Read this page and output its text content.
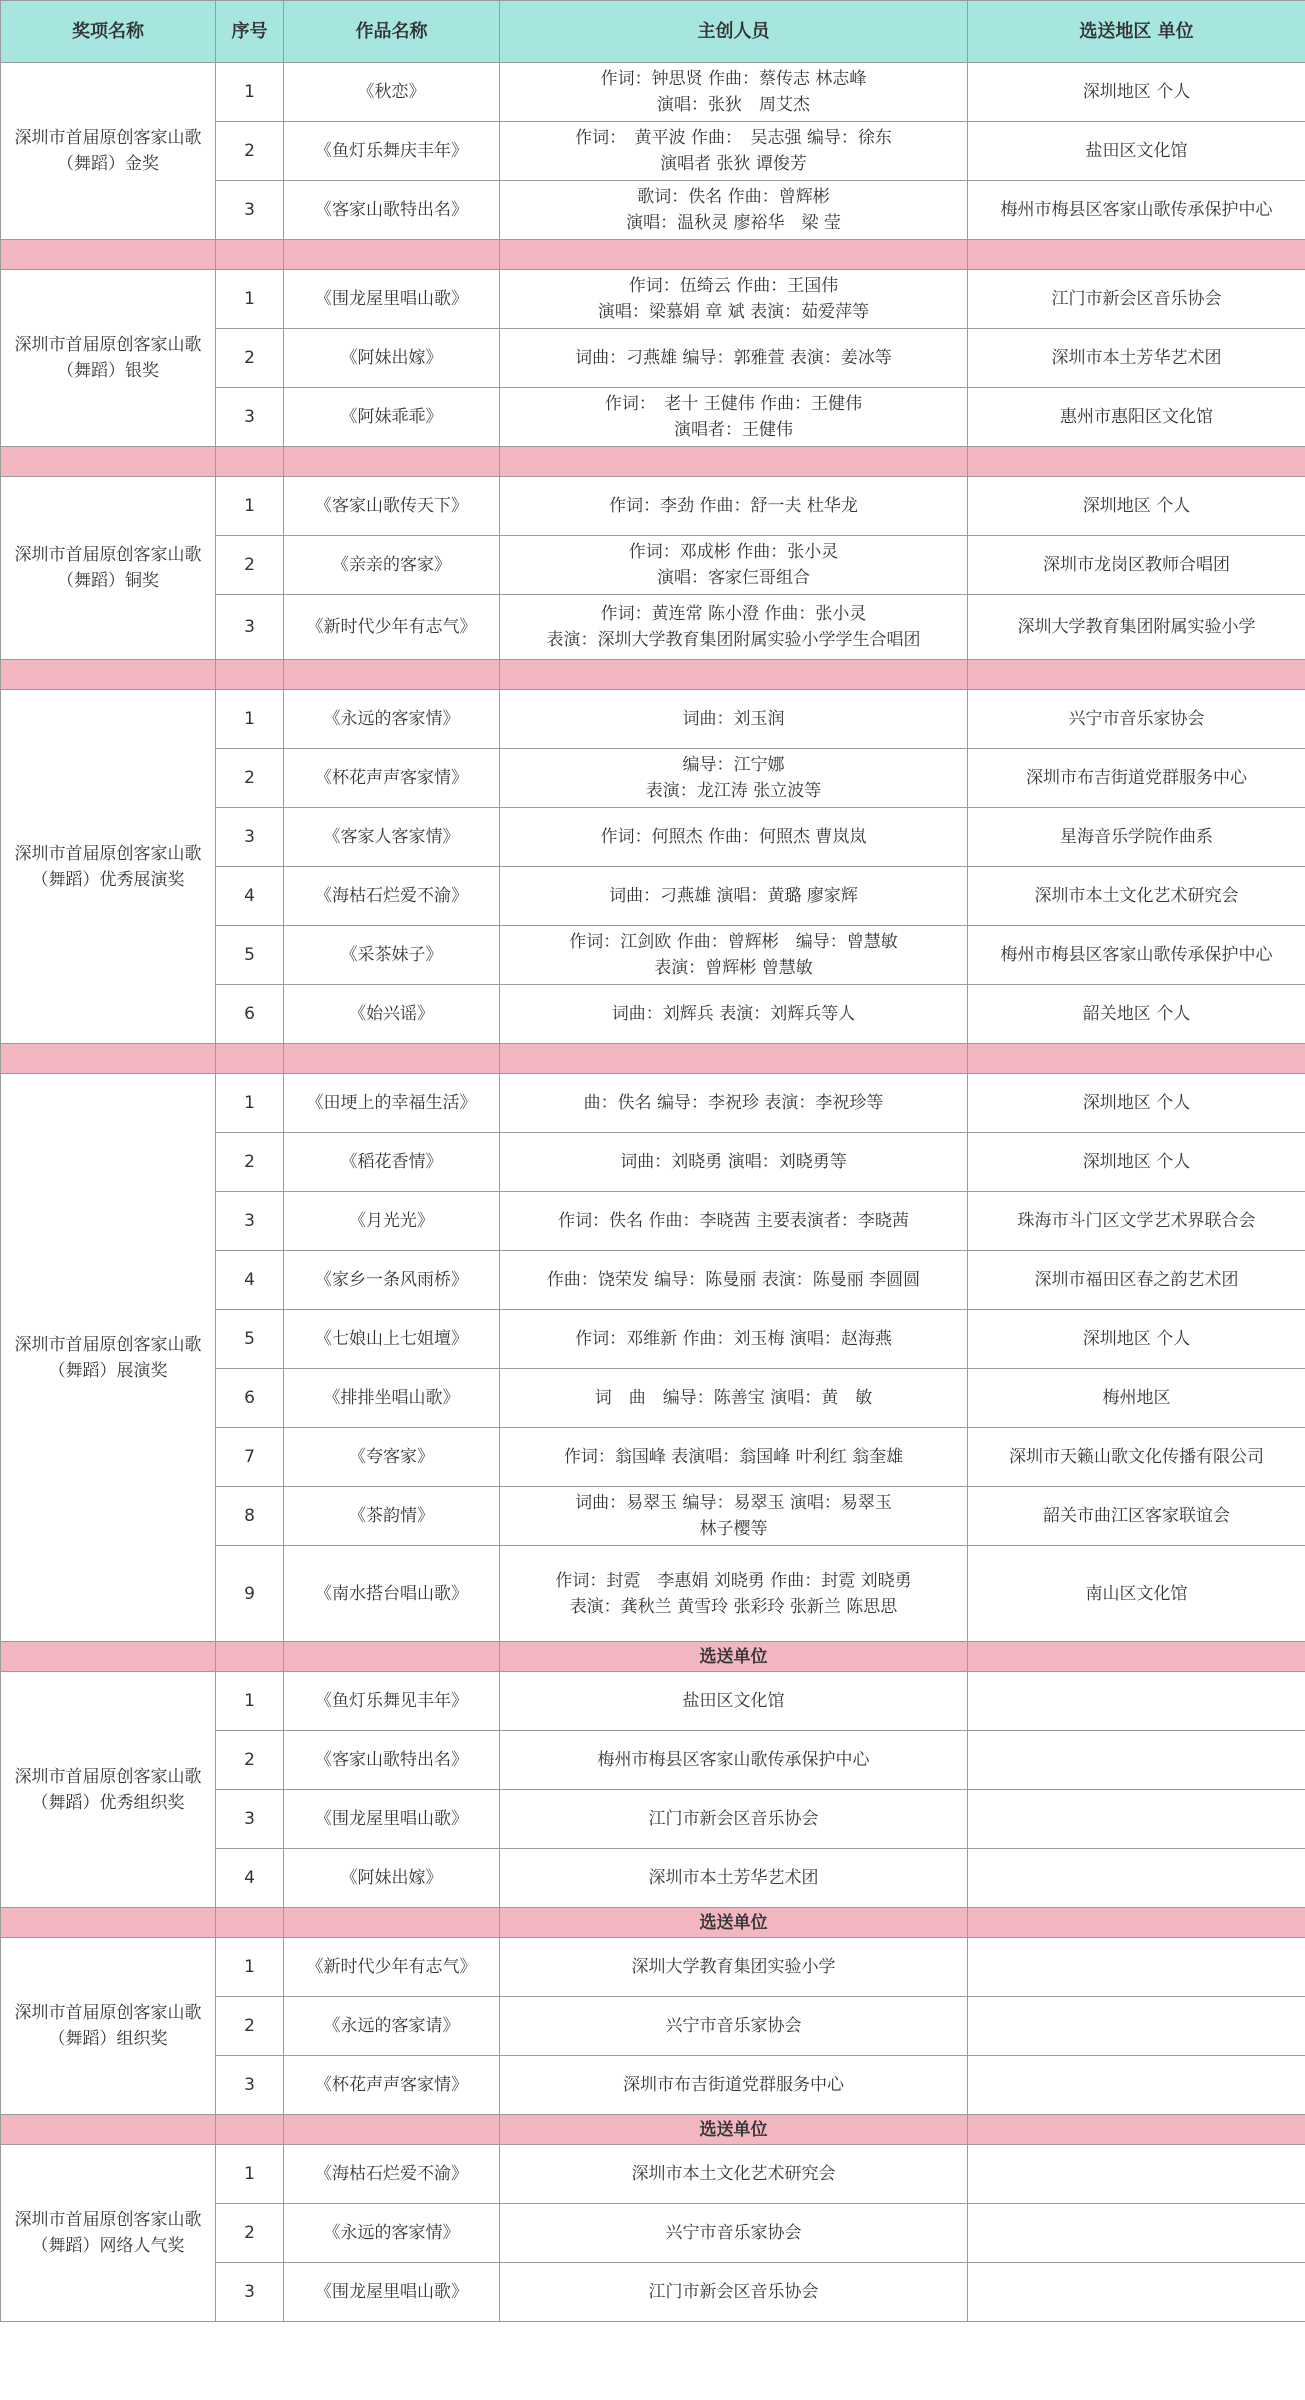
奖项名称	序号	作品名称	主创人员	选送地区 单位
深圳市首届原创客家山歌（舞蹈）金奖	1	《秋恋》	作词：钟思贤 作曲：蔡传志 林志峰
演唱：张狄　周艾杰	深圳地区 个人
	2	《鱼灯乐舞庆丰年》	作词：　黄平波 作曲：　吴志强 编导：徐东
演唱者 张狄 谭俊芳	盐田区文化馆
	3	《客家山歌特出名》	歌词：佚名 作曲：曾辉彬
演唱：温秋灵 廖裕华　梁 莹	梅州市梅县区客家山歌传承保护中心

深圳市首届原创客家山歌（舞蹈）银奖	1	《围龙屋里唱山歌》	作词：伍绮云 作曲：王国伟
演唱：梁慕娟 章 斌 表演：茹爱萍等	江门市新会区音乐协会
	2	《阿妹出嫁》	词曲：刁燕雄 编导：郭雅萱 表演：姜冰等	深圳市本土芳华艺术团
	3	《阿妹乖乖》	作词：　老十 王健伟 作曲：王健伟
演唱者：王健伟	惠州市惠阳区文化馆

深圳市首届原创客家山歌（舞蹈）铜奖	1	《客家山歌传天下》	作词：李劲 作曲：舒一夫 杜华龙	深圳地区 个人
	2	《亲亲的客家》	作词：邓成彬 作曲：张小灵
演唱：客家仨哥组合	深圳市龙岗区教师合唱团
	3	《新时代少年有志气》	作词：黄连常 陈小澄 作曲：张小灵
表演：深圳大学教育集团附属实验小学学生合唱团	深圳大学教育集团附属实验小学

深圳市首届原创客家山歌（舞蹈）优秀展演奖	1	《永远的客家情》	词曲：刘玉润	兴宁市音乐家协会
	2	《杯花声声客家情》	编导：江宁娜
表演：龙江涛 张立波等	深圳市布吉街道党群服务中心
	3	《客家人客家情》	作词：何照杰 作曲：何照杰 曹岚岚	星海音乐学院作曲系
	4	《海枯石烂爱不渝》	词曲：刁燕雄 演唱：黄璐 廖家辉	深圳市本土文化艺术研究会
	5	《采茶妹子》	作词：江剑欧 作曲：曾辉彬　编导：曾慧敏
表演：曾辉彬 曾慧敏	梅州市梅县区客家山歌传承保护中心
	6	《始兴谣》	词曲：刘辉兵 表演：刘辉兵等人	韶关地区 个人

深圳市首届原创客家山歌（舞蹈）展演奖	1	《田埂上的幸福生活》	曲：佚名 编导：李祝珍 表演：李祝珍等	深圳地区 个人
	2	《稻花香情》	词曲：刘晓勇 演唱：刘晓勇等	深圳地区 个人
	3	《月光光》	作词：佚名 作曲：李晓茜 主要表演者：李晓茜	珠海市斗门区文学艺术界联合会
	4	《家乡一条风雨桥》	作曲：饶荣发 编导：陈曼丽 表演：陈曼丽 李圆圆	深圳市福田区春之韵艺术团
	5	《七娘山上七姐壇》	作词：邓维新 作曲：刘玉梅 演唱：赵海燕	深圳地区 个人
	6	《排排坐唱山歌》	词　曲　编导：陈善宝 演唱：黄　敏	梅州地区
	7	《夸客家》	作词：翁国峰 表演唱：翁国峰 叶利红 翁奎雄	深圳市天籁山歌文化传播有限公司
	8	《茶韵情》	词曲：易翠玉 编导：易翠玉 演唱：易翠玉
林子樱等	韶关市曲江区客家联谊会
	9	《南水搭台唱山歌》	作词：封霓　李惠娟 刘晓勇 作曲：封霓 刘晓勇
表演：龚秋兰 黄雪玲 张彩玲 张新兰 陈思思	南山区文化馆
			选送单位	
深圳市首届原创客家山歌（舞蹈）优秀组织奖	1	《鱼灯乐舞见丰年》	盐田区文化馆	
	2	《客家山歌特出名》	梅州市梅县区客家山歌传承保护中心	
	3	《围龙屋里唱山歌》	江门市新会区音乐协会	
	4	《阿妹出嫁》	深圳市本土芳华艺术团	
			选送单位	
深圳市首届原创客家山歌（舞蹈）组织奖	1	《新时代少年有志气》	深圳大学教育集团实验小学	
	2	《永远的客家请》	兴宁市音乐家协会	
	3	《杯花声声客家情》	深圳市布吉街道党群服务中心	
			选送单位	
深圳市首届原创客家山歌（舞蹈）网络人气奖	1	《海枯石烂爱不渝》	深圳市本土文化艺术研究会	
	2	《永远的客家情》	兴宁市音乐家协会	
	3	《围龙屋里唱山歌》	江门市新会区音乐协会	
